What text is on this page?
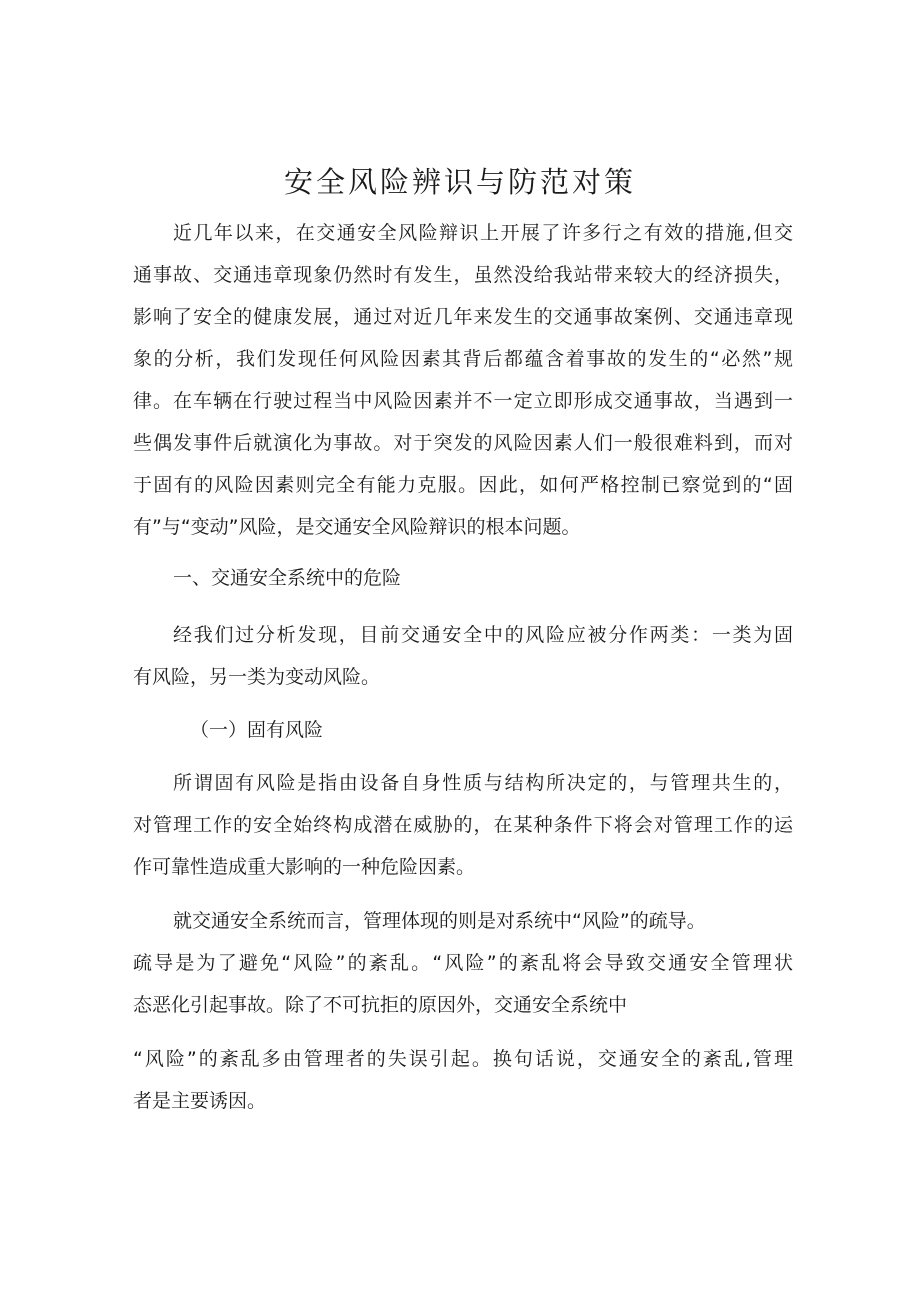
安全风险辨识与防范对策
近几年以来，在交通安全风险辩识上开展了许多行之有效的措施,但交
通事故、交通违章现象仍然时有发生，虽然没给我站带来较大的经济损失，
影响了安全的健康发展，通过对近几年来发生的交通事故案例、交通违章现
象的分析，我们发现任何风险因素其背后都蕴含着事故的发生的“必然”规
律。在车辆在行驶过程当中风险因素并不一定立即形成交通事故，当遇到一
些偶发事件后就演化为事故。对于突发的风险因素人们一般很难料到，而对
于固有的风险因素则完全有能力克服。因此，如何严格控制已察觉到的“固
有”与“变动”风险，是交通安全风险辩识的根本问题。
一、交通安全系统中的危险
经我们过分析发现，目前交通安全中的风险应被分作两类：一类为固
有风险，另一类为变动风险。
（一）固有风险
所谓固有风险是指由设备自身性质与结构所决定的，与管理共生的，
对管理工作的安全始终构成潜在威胁的，在某种条件下将会对管理工作的运
作可靠性造成重大影响的一种危险因素。
就交通安全系统而言，管理体现的则是对系统中“风险”的疏导。
疏导是为了避免“风险”的紊乱。“风险”的紊乱将会导致交通安全管理状
态恶化引起事故。除了不可抗拒的原因外，交通安全系统中
“风险”的紊乱多由管理者的失误引起。换句话说，交通安全的紊乱,管理
者是主要诱因。
